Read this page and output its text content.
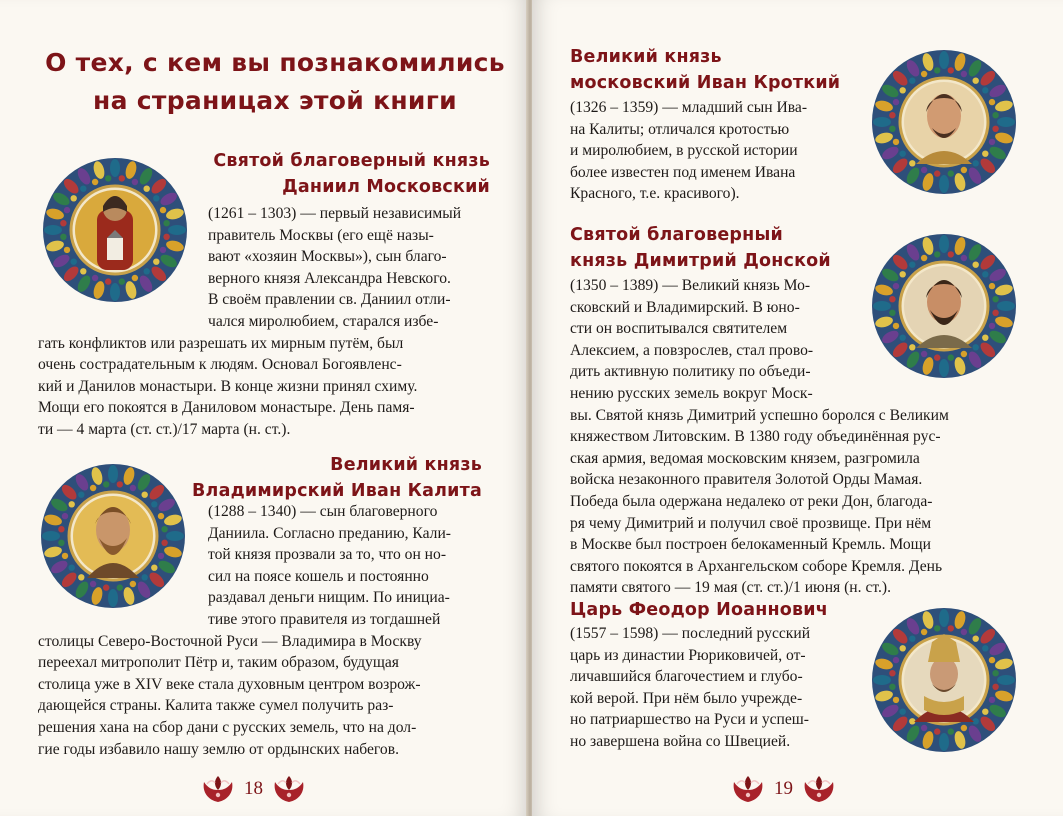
О тех, с кем вы познакомились
на страницах этой книги
Святой благоверный князь
Даниил Московский
(1261 – 1303) — первый независимый
правитель Москвы (его ещё назы-
вают «хозяин Москвы»), сын благо-
верного князя Александра Невского.
В своём правлении св. Даниил отли-
чался миролюбием, старался избе-
гать конфликтов или разрешать их мирным путём, был
очень сострадательным к людям. Основал Богоявленс-
кий и Данилов монастыри. В конце жизни принял схиму.
Мощи его покоятся в Даниловом монастыре. День памя-
ти — 4 марта (ст. ст.)/17 марта (н. ст.).
Великий князь
Владимирский Иван Калита
(1288 – 1340) — сын благоверного
Даниила. Согласно преданию, Кали-
той князя прозвали за то, что он но-
сил на поясе кошель и постоянно
раздавал деньги нищим. По инициа-
тиве этого правителя из тогдашней
столицы Северо-Восточной Руси — Владимира в Москву
переехал митрополит Пётр и, таким образом, будущая
столица уже в XIV веке стала духовным центром возрож-
дающейся страны. Калита также сумел получить раз-
решения хана на сбор дани с русских земель, что на дол-
гие годы избавило нашу землю от ордынских набегов.
18
Великий князь
московский Иван Кроткий
(1326 – 1359) — младший сын Ива-
на Калиты; отличался кротостью
и миролюбием, в русской истории
более известен под именем Ивана
Красного, т.е. красивого).
Святой благоверный
князь Димитрий Донской
(1350 – 1389) — Великий князь Мо-
сковский и Владимирский. В юно-
сти он воспитывался святителем
Алексием, а повзрослев, стал прово-
дить активную политику по объеди-
нению русских земель вокруг Моск-
вы. Святой князь Димитрий успешно боролся с Великим
княжеством Литовским. В 1380 году объединённая рус-
ская армия, ведомая московским князем, разгромила
войска незаконного правителя Золотой Орды Мамая.
Победа была одержана недалеко от реки Дон, благода-
ря чему Димитрий и получил своё прозвище. При нём
в Москве был построен белокаменный Кремль. Мощи
святого покоятся в Архангельском соборе Кремля. День
памяти святого — 19 мая (ст. ст.)/1 июня (н. ст.).
Царь Феодор Иоаннович
(1557 – 1598) — последний русский
царь из династии Рюриковичей, от-
личавшийся благочестием и глубо-
кой верой. При нём было учрежде-
но патриаршество на Руси и успеш-
но завершена война со Швецией.
19
